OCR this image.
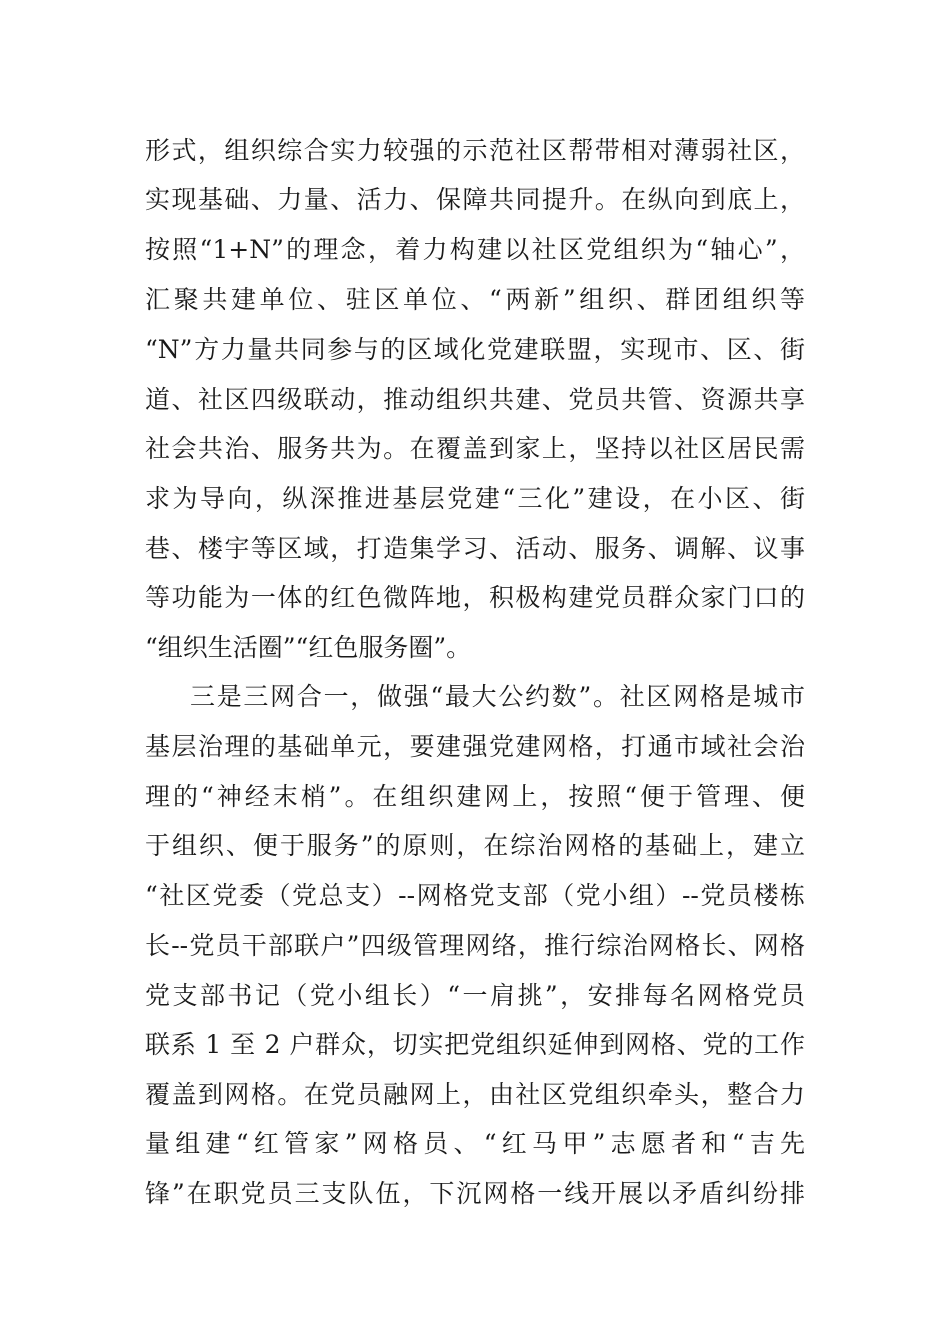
形式，组织综合实力较强的示范社区帮带相对薄弱社区，
实现基础、力量、活力、保障共同提升。在纵向到底上，
按照“1+N”的理念，着力构建以社区党组织为“轴心”，
汇聚共建单位、驻区单位、“两新”组织、群团组织等
“N”方力量共同参与的区域化党建联盟，实现市、区、街
道、社区四级联动，推动组织共建、党员共管、资源共享
社会共治、服务共为。在覆盖到家上，坚持以社区居民需
求为导向，纵深推进基层党建“三化”建设，在小区、街
巷、楼宇等区域，打造集学习、活动、服务、调解、议事
等功能为一体的红色微阵地，积极构建党员群众家门口的
“组织生活圈”“红色服务圈”。
三是三网合一，做强“最大公约数”。社区网格是城市
基层治理的基础单元，要建强党建网格，打通市域社会治
理的“神经末梢”。在组织建网上，按照“便于管理、便
于组织、便于服务”的原则，在综治网格的基础上，建立
“社区党委（党总支）--网格党支部（党小组）--党员楼栋
长--党员干部联户”四级管理网络，推行综治网格长、网格
党支部书记（党小组长）“一肩挑”，安排每名网格党员
联系 1 至 2 户群众，切实把党组织延伸到网格、党的工作
覆盖到网格。在党员融网上，由社区党组织牵头，整合力
量组建“红管家”网格员、“红马甲”志愿者和“吉先
锋”在职党员三支队伍，下沉网格一线开展以矛盾纠纷排
